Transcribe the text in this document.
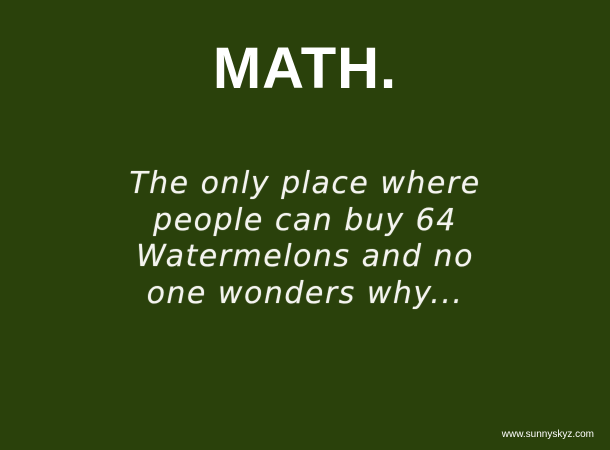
MATH.
The only place where
people can buy 64
Watermelons and no
one wonders why...
www.sunnyskyz.com
